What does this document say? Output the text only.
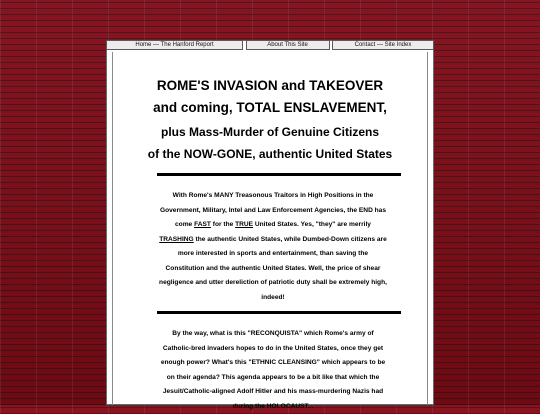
Home — The Hanford Report	About This Site	Contact — Site Index
ROME'S INVASION and TAKEOVER
and coming, TOTAL ENSLAVEMENT,
plus Mass-Murder of Genuine Citizens
of the NOW-GONE, authentic United States
With Rome's MANY Treasonous Traitors in High Positions in the Government, Military, Intel and Law Enforcement Agencies, the END has come FAST for the TRUE United States. Yes, "they" are merrily TRASHING the authentic United States, while Dumbed-Down citizens are more interested in sports and entertainment, than saving the Constitution and the authentic United States. Well, the price of shear negligence and utter dereliction of patriotic duty shall be extremely high, indeed!
By the way, what is this "RECONQUISTA" which Rome's army of Catholic-bred invaders hopes to do in the United States, once they get enough power? What's this "ETHNIC CLEANSING" which appears to be on their agenda? This agenda appears to be a bit like that which the Jesuit/Catholic-aligned Adolf Hitler and his mass-murdering Nazis had during the HOLOCAUST...
